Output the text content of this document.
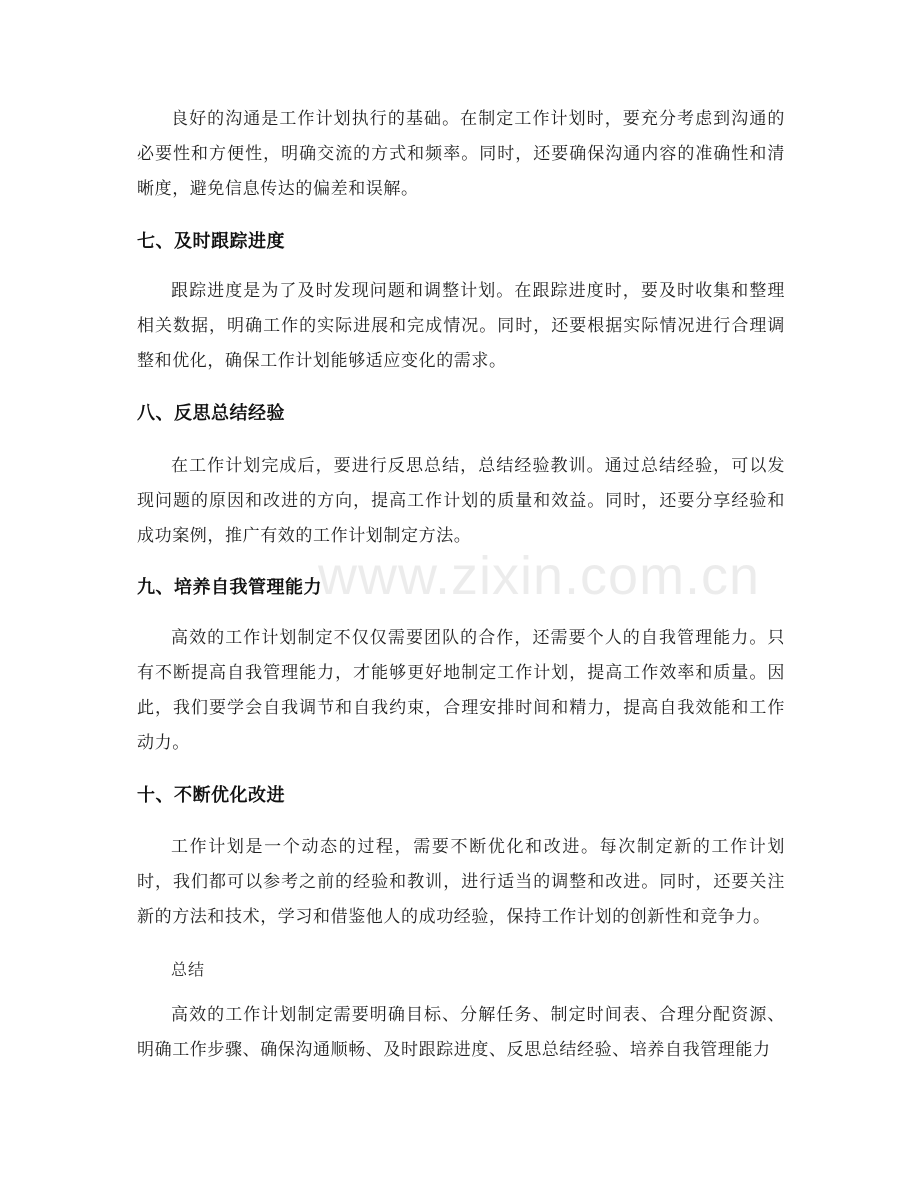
www.zixin.com.cn

良好的沟通是工作计划执行的基础。在制定工作计划时，要充分考虑到沟通的必要性和方便性，明确交流的方式和频率。同时，还要确保沟通内容的准确性和清晰度，避免信息传达的偏差和误解。

七、及时跟踪进度

跟踪进度是为了及时发现问题和调整计划。在跟踪进度时，要及时收集和整理相关数据，明确工作的实际进展和完成情况。同时，还要根据实际情况进行合理调整和优化，确保工作计划能够适应变化的需求。

八、反思总结经验

在工作计划完成后，要进行反思总结，总结经验教训。通过总结经验，可以发现问题的原因和改进的方向，提高工作计划的质量和效益。同时，还要分享经验和成功案例，推广有效的工作计划制定方法。

九、培养自我管理能力

高效的工作计划制定不仅仅需要团队的合作，还需要个人的自我管理能力。只有不断提高自我管理能力，才能够更好地制定工作计划，提高工作效率和质量。因此，我们要学会自我调节和自我约束，合理安排时间和精力，提高自我效能和工作动力。

十、不断优化改进

工作计划是一个动态的过程，需要不断优化和改进。每次制定新的工作计划时，我们都可以参考之前的经验和教训，进行适当的调整和改进。同时，还要关注新的方法和技术，学习和借鉴他人的成功经验，保持工作计划的创新性和竞争力。

总结

高效的工作计划制定需要明确目标、分解任务、制定时间表、合理分配资源、明确工作步骤、确保沟通顺畅、及时跟踪进度、反思总结经验、培养自我管理能力
